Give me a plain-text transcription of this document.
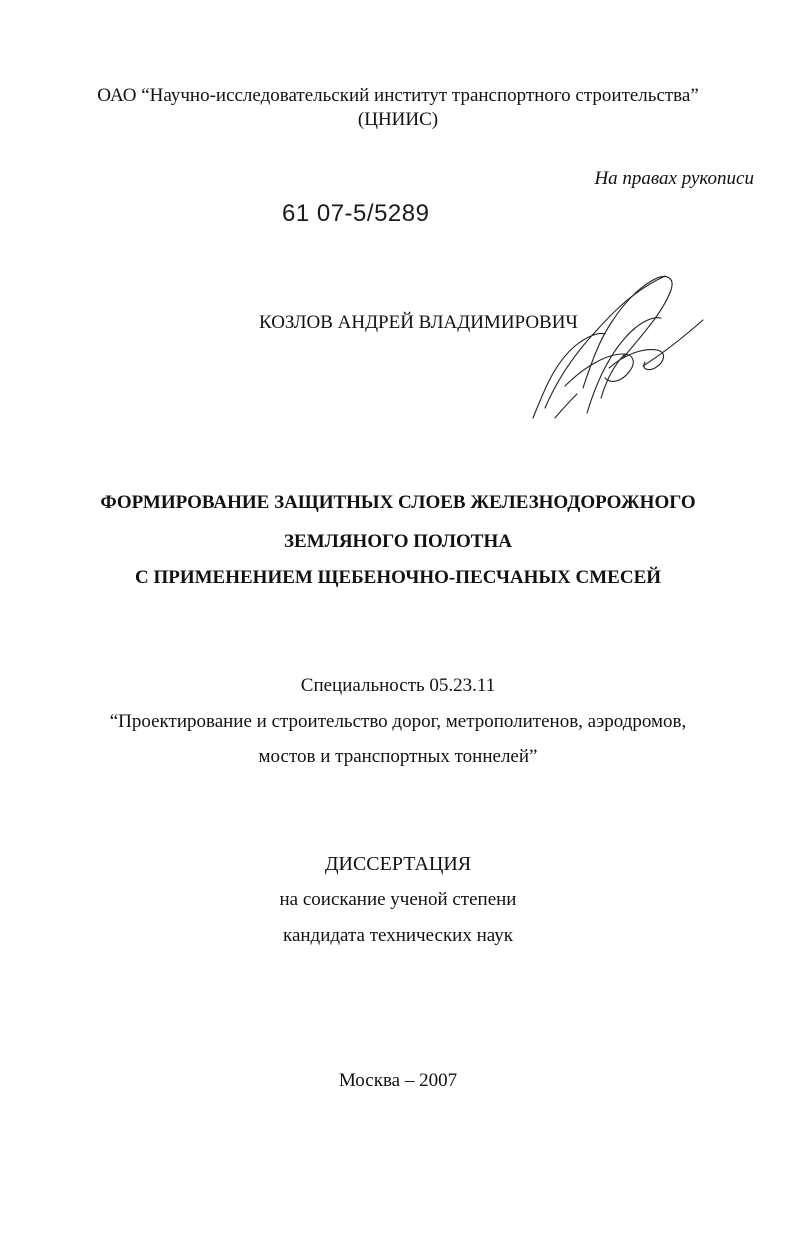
ОАО “Научно-исследовательский институт транспортного строительства”
(ЦНИИС)
На правах рукописи
61 07-5/5289
КОЗЛОВ АНДРЕЙ ВЛАДИМИРОВИЧ
ФОРМИРОВАНИЕ ЗАЩИТНЫХ СЛОЕВ ЖЕЛЕЗНОДОРОЖНОГО
ЗЕМЛЯНОГО ПОЛОТНА
С ПРИМЕНЕНИЕМ ЩЕБЕНОЧНО-ПЕСЧАНЫХ СМЕСЕЙ
Специальность 05.23.11
“Проектирование и строительство дорог, метрополитенов, аэродромов,
мостов и транспортных тоннелей”
ДИССЕРТАЦИЯ
на соискание ученой степени
кандидата технических наук
Москва – 2007
